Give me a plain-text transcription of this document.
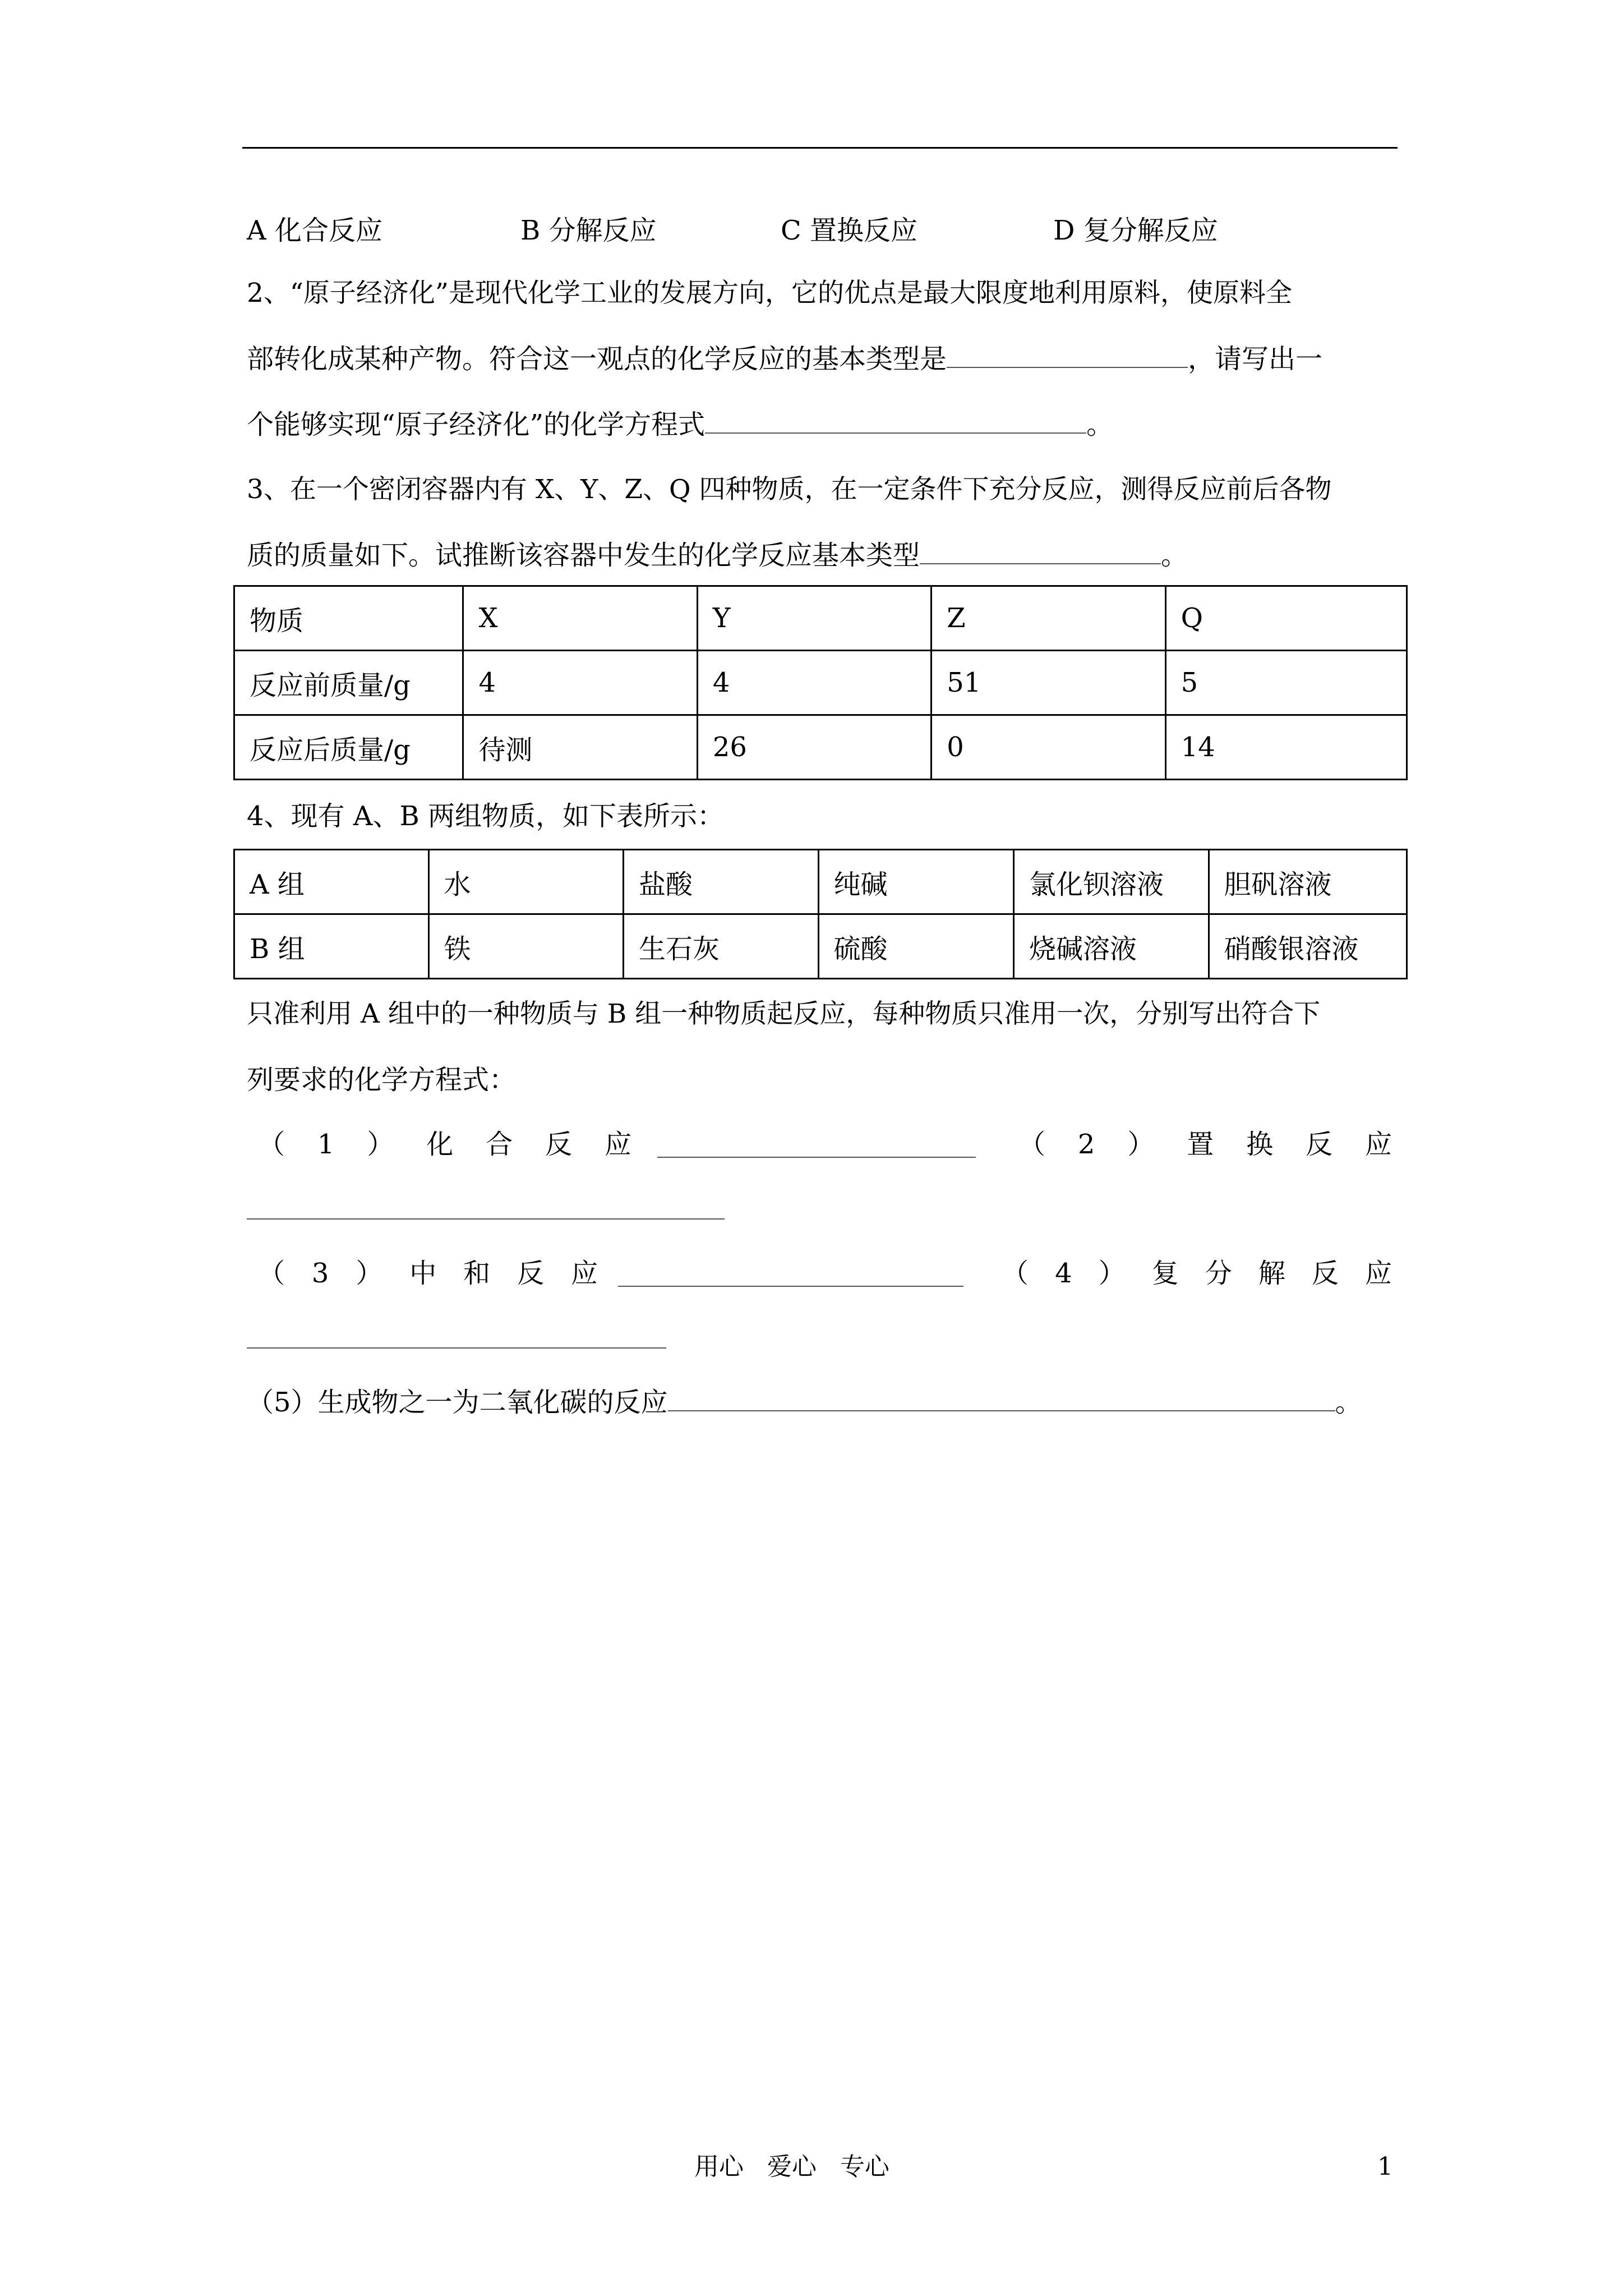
A 化合反应	B 分解反应	C 置换反应	D 复分解反应
2、“原子经济化”是现代化学工业的发展方向，它的优点是最大限度地利用原料，使原料全
部转化成某种产物。符合这一观点的化学反应的基本类型是	，请写出一
个能够实现“原子经济化”的化学方程式	。
3、在一个密闭容器内有 X、Y、Z、Q 四种物质，在一定条件下充分反应，测得反应前后各物
质的质量如下。试推断该容器中发生的化学反应基本类型	。
物质	X	Y	Z	Q
反应前质量/g	4	4	51	5
反应后质量/g	待测	26	0	14
4、现有 A、B 两组物质，如下表所示：
A 组	水	盐酸	纯碱	氯化钡溶液	胆矾溶液
B 组	铁	生石灰	硫酸	烧碱溶液	硝酸银溶液
只准利用 A 组中的一种物质与 B 组一种物质起反应，每种物质只准用一次，分别写出符合下
列要求的化学方程式：
（ 1 ） 化 合 反 应	（ 2 ） 置 换 反 应
（ 3 ） 中 和 反 应	（ 4 ） 复 分 解 反 应
（5）生成物之一为二氧化碳的反应	。
用心 爱心 专心	1
